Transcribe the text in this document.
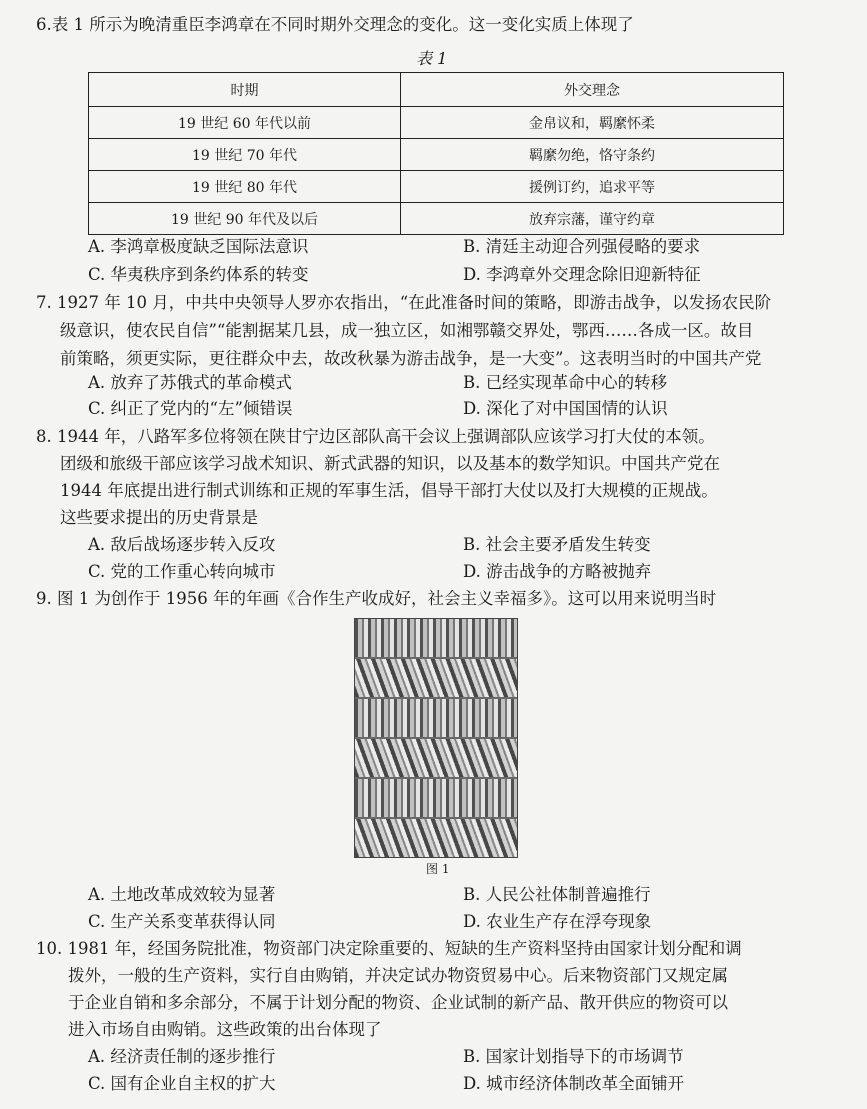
6.表 1 所示为晚清重臣李鸿章在不同时期外交理念的变化。这一变化实质上体现了
表 1
时期	外交理念
19 世纪 60 年代以前	金帛议和，羁縻怀柔
19 世纪 70 年代	羁縻勿绝，恪守条约
19 世纪 80 年代	援例订约，追求平等
19 世纪 90 年代及以后	放弃宗藩，谨守约章
A. 李鸿章极度缺乏国际法意识	B. 清廷主动迎合列强侵略的要求
C. 华夷秩序到条约体系的转变	D. 李鸿章外交理念除旧迎新特征
7. 1927 年 10 月，中共中央领导人罗亦农指出，“在此准备时间的策略，即游击战争，以发扬农民阶
级意识，使农民自信”“能割据某几县，成一独立区，如湘鄂赣交界处，鄂西……各成一区。故目
前策略，须更实际，更往群众中去，故改秋暴为游击战争，是一大变”。这表明当时的中国共产党
A. 放弃了苏俄式的革命模式	B. 已经实现革命中心的转移
C. 纠正了党内的“左”倾错误	D. 深化了对中国国情的认识
8. 1944 年，八路军多位将领在陕甘宁边区部队高干会议上强调部队应该学习打大仗的本领。
团级和旅级干部应该学习战术知识、新式武器的知识，以及基本的数学知识。中国共产党在
1944 年底提出进行制式训练和正规的军事生活，倡导干部打大仗以及打大规模的正规战。
这些要求提出的历史背景是
A. 敌后战场逐步转入反攻	B. 社会主要矛盾发生转变
C. 党的工作重心转向城市	D. 游击战争的方略被抛弃
9. 图 1 为创作于 1956 年的年画《合作生产收成好，社会主义幸福多》。这可以用来说明当时
图 1
A. 土地改革成效较为显著	B. 人民公社体制普遍推行
C. 生产关系变革获得认同	D. 农业生产存在浮夸现象
10. 1981 年，经国务院批准，物资部门决定除重要的、短缺的生产资料坚持由国家计划分配和调
拨外，一般的生产资料，实行自由购销，并决定试办物资贸易中心。后来物资部门又规定属
于企业自销和多余部分，不属于计划分配的物资、企业试制的新产品、散开供应的物资可以
进入市场自由购销。这些政策的出台体现了
A. 经济责任制的逐步推行	B. 国家计划指导下的市场调节
C. 国有企业自主权的扩大	D. 城市经济体制改革全面铺开
